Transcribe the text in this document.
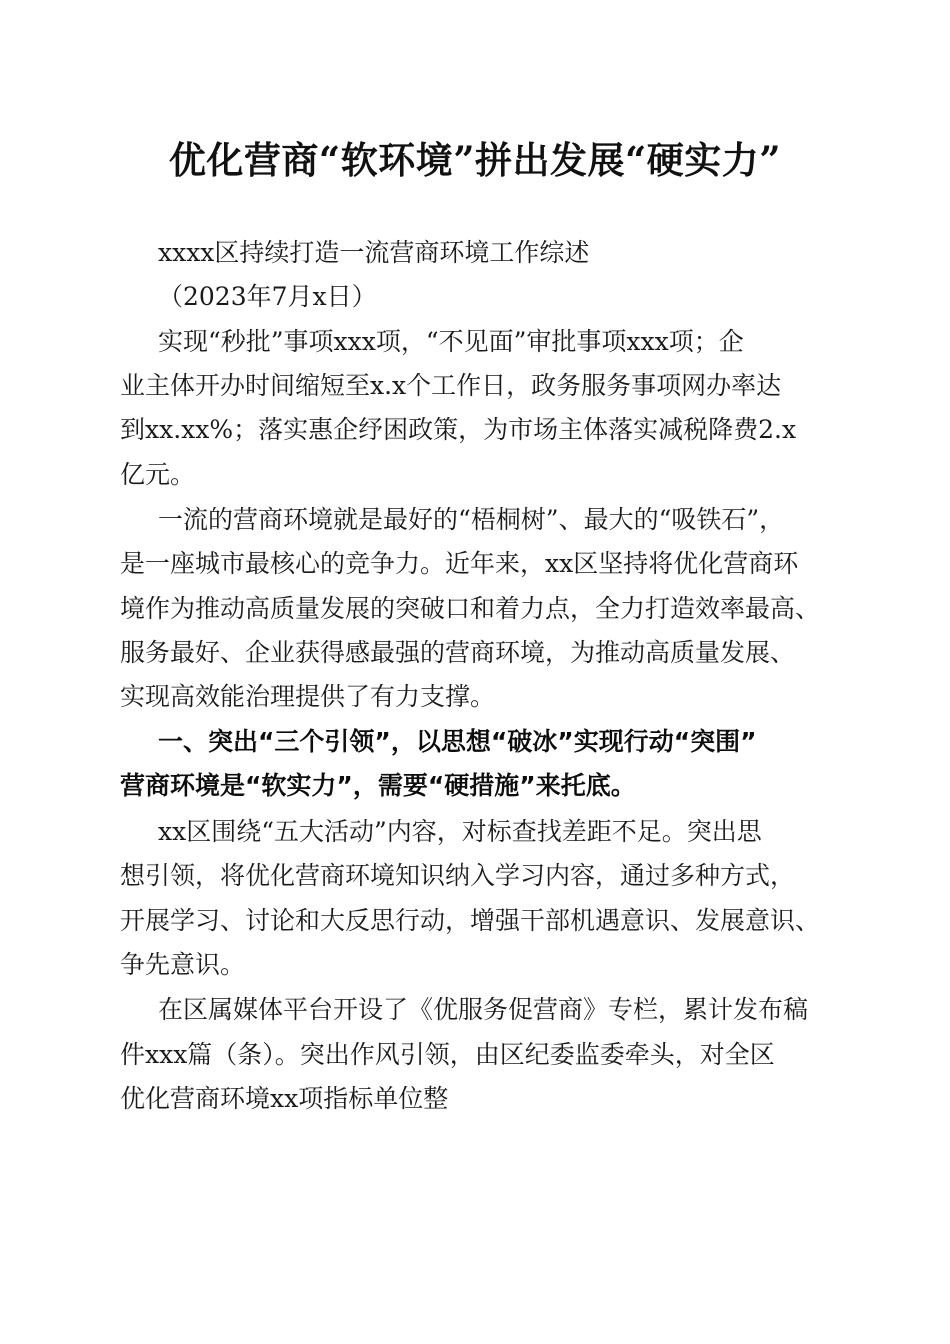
优化营商“软环境”拼出发展“硬实力”
xxxx区持续打造一流营商环境工作综述
（2023年7月x日）
实现“秒批”事项xxx项，“不见面”审批事项xxx项；企
业主体开办时间缩短至x.x个工作日，政务服务事项网办率达
到xx.xx%；落实惠企纾困政策，为市场主体落实减税降费2.x
亿元。
一流的营商环境就是最好的“梧桐树”、最大的“吸铁石”，
是一座城市最核心的竞争力。近年来，xx区坚持将优化营商环
境作为推动高质量发展的突破口和着力点，全力打造效率最高、
服务最好、企业获得感最强的营商环境，为推动高质量发展、
实现高效能治理提供了有力支撑。
一、突出“三个引领”，以思想“破冰”实现行动“突围”
营商环境是“软实力”，需要“硬措施”来托底。
xx区围绕“五大活动”内容，对标查找差距不足。突出思
想引领，将优化营商环境知识纳入学习内容，通过多种方式，
开展学习、讨论和大反思行动，增强干部机遇意识、发展意识、
争先意识。
在区属媒体平台开设了《优服务促营商》专栏，累计发布稿
件xxx篇（条）。突出作风引领，由区纪委监委牵头，对全区
优化营商环境xx项指标单位整
